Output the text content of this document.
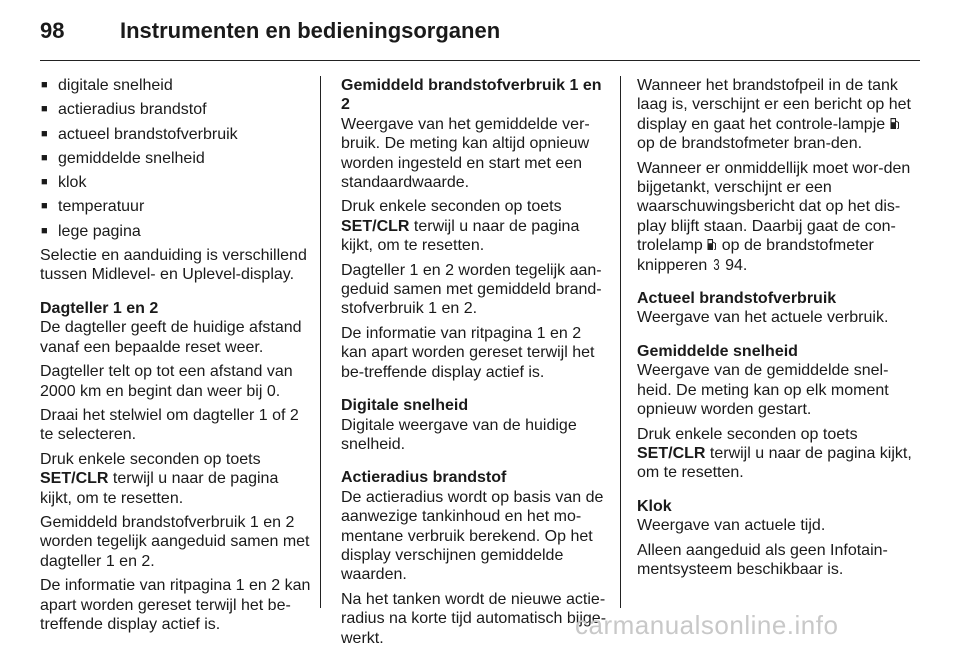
98	Instrumenten en bedieningsorganen
■ digitale snelheid
■ actieradius brandstof
■ actueel brandstofverbruik
■ gemiddelde snelheid
■ klok
■ temperatuur
■ lege pagina

Selectie en aanduiding is verschillend tussen Midlevel- en Uplevel-display.

Dagteller 1 en 2

De dagteller geeft de huidige afstand vanaf een bepaalde reset weer.

Dagteller telt op tot een afstand van 2000 km en begint dan weer bij 0.

Draai het stelwiel om dagteller 1 of 2 te selecteren.

Druk enkele seconden op toets SET/CLR terwijl u naar de pagina kijkt, om te resetten.

Gemiddeld brandstofverbruik 1 en 2 worden tegelijk aangeduid samen met dagteller 1 en 2.

De informatie van ritpagina 1 en 2 kan apart worden gereset terwijl het be-treffende display actief is.

Gemiddeld brandstofverbruik 1 en 2

Weergave van het gemiddelde ver-bruik. De meting kan altijd opnieuw worden ingesteld en start met een standaardwaarde.

Druk enkele seconden op toets SET/CLR terwijl u naar de pagina kijkt, om te resetten.

Dagteller 1 en 2 worden tegelijk aan-geduid samen met gemiddeld brand-stofverbruik 1 en 2.

De informatie van ritpagina 1 en 2 kan apart worden gereset terwijl het be-treffende display actief is.

Digitale snelheid

Digitale weergave van de huidige snelheid.

Actieradius brandstof

De actieradius wordt op basis van de aanwezige tankinhoud en het mo-mentane verbruik berekend. Op het display verschijnen gemiddelde waarden.

Na het tanken wordt de nieuwe actie-radius na korte tijd automatisch bijge-werkt.

Wanneer het brandstofpeil in de tank laag is, verschijnt er een bericht op het display en gaat het controle-lampje  op de brandstofmeter bran-den.

Wanneer er onmiddellijk moet wor-den bijgetankt, verschijnt er een waarschuwingsbericht dat op het dis-play blijft staan. Daarbij gaat de con-trolelamp  op de brandstofmeter knipperen 3 94.

Actueel brandstofverbruik

Weergave van het actuele verbruik.

Gemiddelde snelheid

Weergave van de gemiddelde snel-heid. De meting kan op elk moment opnieuw worden gestart.

Druk enkele seconden op toets SET/CLR terwijl u naar de pagina kijkt, om te resetten.

Klok

Weergave van actuele tijd.

Alleen aangeduid als geen Infotain-mentsysteem beschikbaar is.

carmanualsonline.info
